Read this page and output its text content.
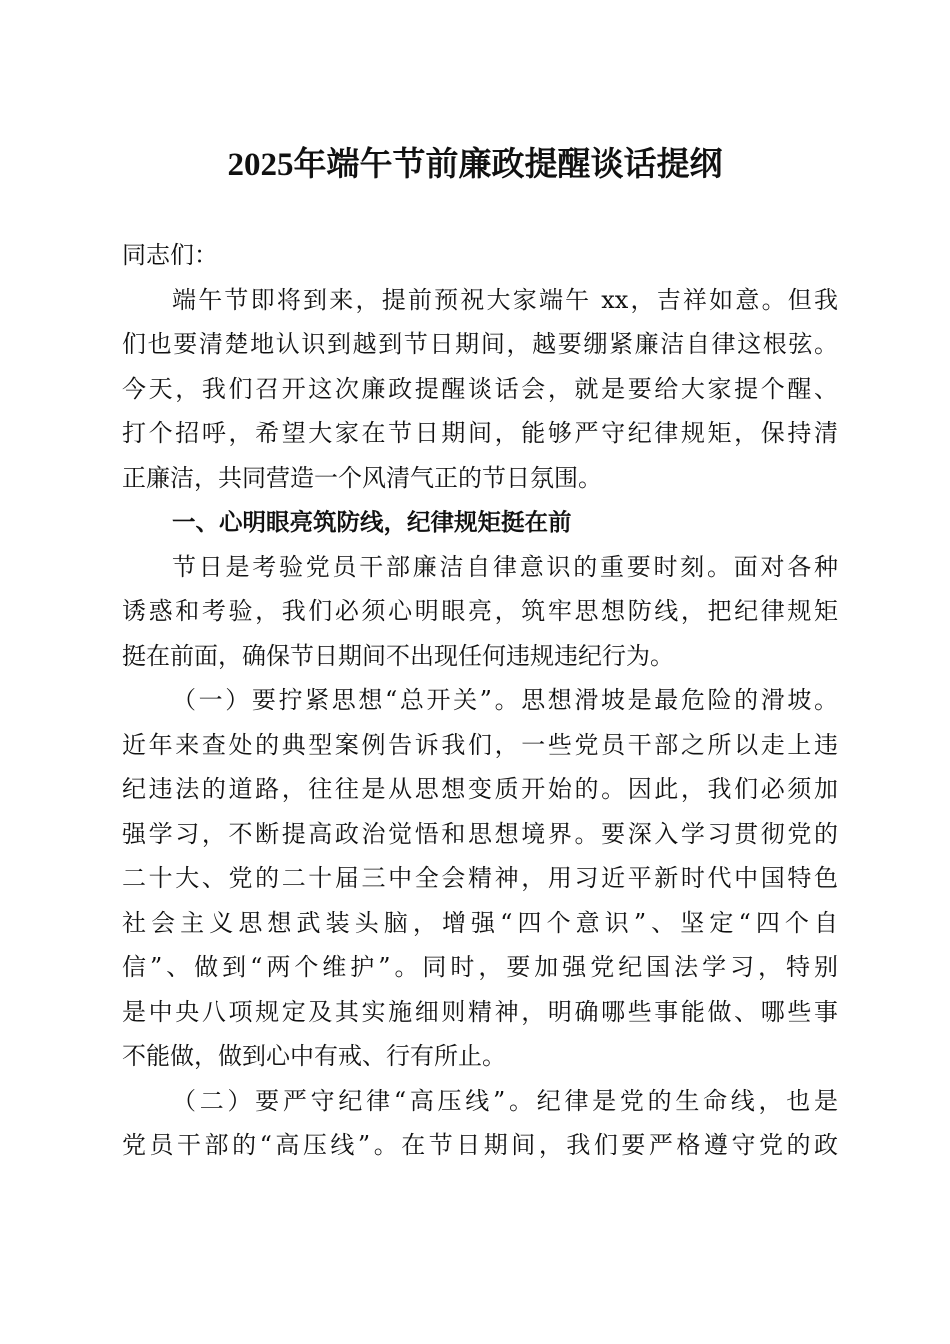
2025年端午节前廉政提醒谈话提纲
同志们：
端午节即将到来，提前预祝大家端午 xx，吉祥如意。但我
们也要清楚地认识到越到节日期间，越要绷紧廉洁自律这根弦。
今天，我们召开这次廉政提醒谈话会，就是要给大家提个醒、
打个招呼，希望大家在节日期间，能够严守纪律规矩，保持清
正廉洁，共同营造一个风清气正的节日氛围。
一、心明眼亮筑防线，纪律规矩挺在前
节日是考验党员干部廉洁自律意识的重要时刻。面对各种
诱惑和考验，我们必须心明眼亮，筑牢思想防线，把纪律规矩
挺在前面，确保节日期间不出现任何违规违纪行为。
（一）要拧紧思想“总开关”。思想滑坡是最危险的滑坡。
近年来查处的典型案例告诉我们，一些党员干部之所以走上违
纪违法的道路，往往是从思想变质开始的。因此，我们必须加
强学习，不断提高政治觉悟和思想境界。要深入学习贯彻党的
二十大、党的二十届三中全会精神，用习近平新时代中国特色
社会主义思想武装头脑，增强“四个意识”、坚定“四个自
信”、做到“两个维护”。同时，要加强党纪国法学习，特别
是中央八项规定及其实施细则精神，明确哪些事能做、哪些事
不能做，做到心中有戒、行有所止。
（二）要严守纪律“高压线”。纪律是党的生命线，也是
党员干部的“高压线”。在节日期间，我们要严格遵守党的政
